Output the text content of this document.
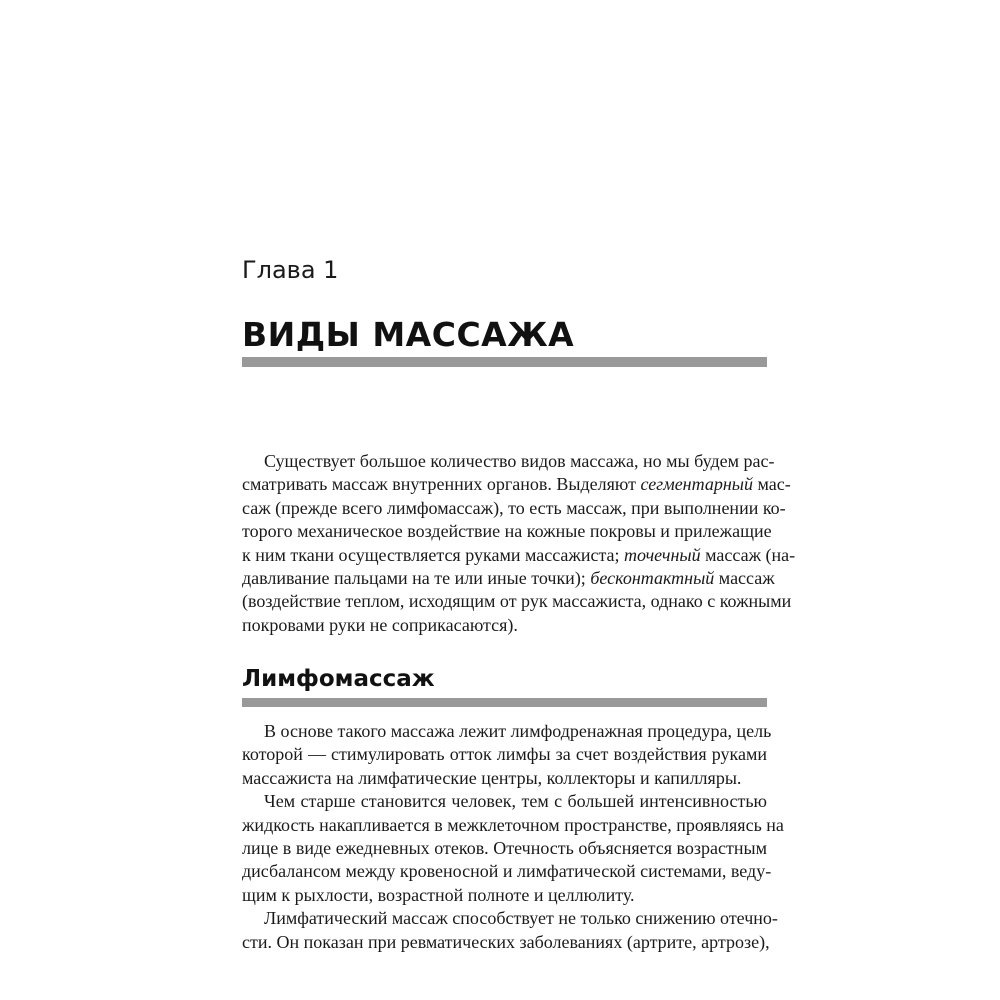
Глава 1
ВИДЫ МАССАЖА
Существует большое количество видов массажа, но мы будем рас-
сматривать массаж внутренних органов. Выделяют сегментарный мас-
саж (прежде всего лимфомассаж), то есть массаж, при выполнении ко-
торого механическое воздействие на кожные покровы и прилежащие
к ним ткани осуществляется руками массажиста; точечный массаж (на-
давливание пальцами на те или иные точки); бесконтактный массаж
(воздействие теплом, исходящим от рук массажиста, однако с кожными
покровами руки не соприкасаются).
Лимфомассаж
В основе такого массажа лежит лимфодренажная процедура, цель
которой — стимулировать отток лимфы за счет воздействия руками
массажиста на лимфатические центры, коллекторы и капилляры.
Чем старше становится человек, тем с большей интенсивностью
жидкость накапливается в межклеточном пространстве, проявляясь на
лице в виде ежедневных отеков. Отечность объясняется возрастным
дисбалансом между кровеносной и лимфатической системами, веду-
щим к рыхлости, возрастной полноте и целлюлиту.
Лимфатический массаж способствует не только снижению отечно-
сти. Он показан при ревматических заболеваниях (артрите, артрозе),
